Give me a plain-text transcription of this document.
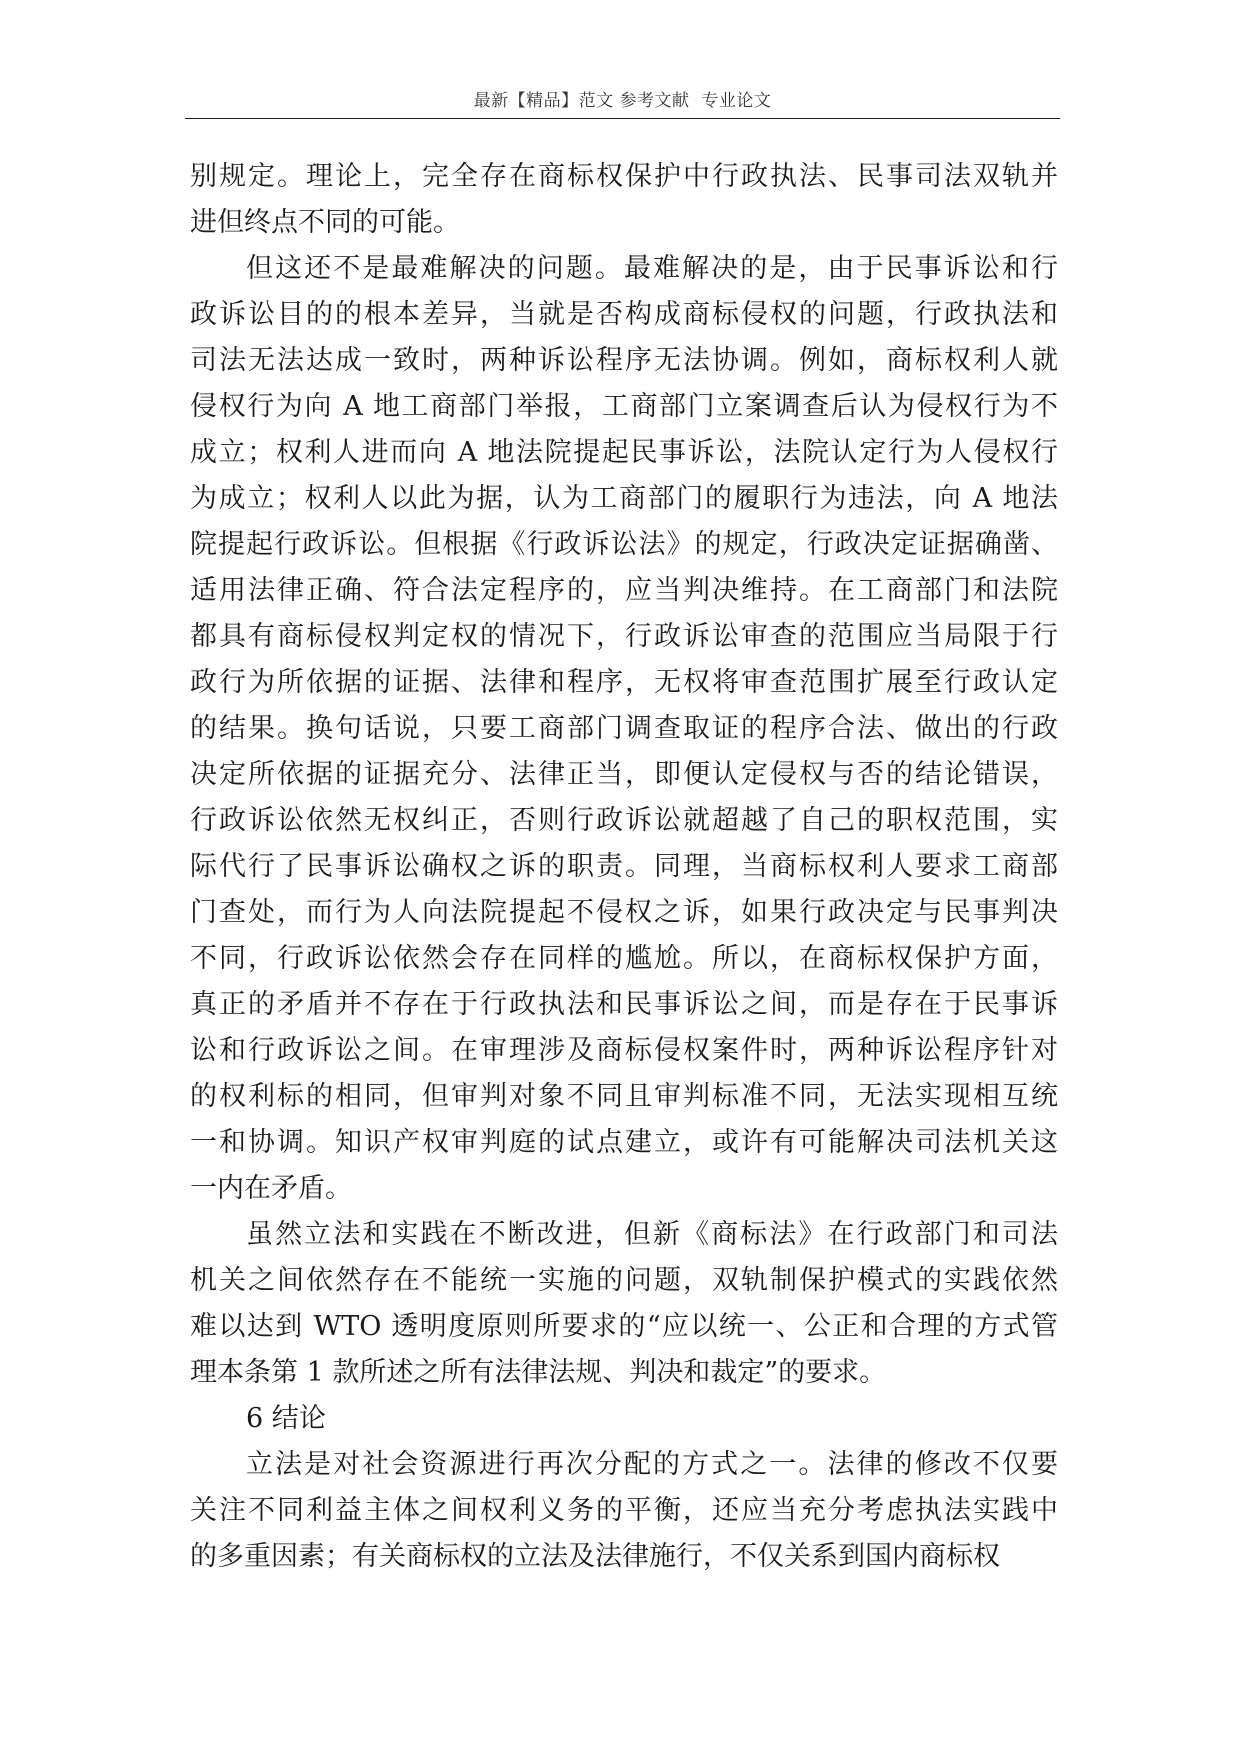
最新【精品】范文 参考文献  专业论文
别规定。理论上，完全存在商标权保护中行政执法、民事司法双轨并
进但终点不同的可能。
但这还不是最难解决的问题。最难解决的是，由于民事诉讼和行
政诉讼目的的根本差异，当就是否构成商标侵权的问题，行政执法和
司法无法达成一致时，两种诉讼程序无法协调。例如，商标权利人就
侵权行为向 A 地工商部门举报，工商部门立案调查后认为侵权行为不
成立；权利人进而向 A 地法院提起民事诉讼，法院认定行为人侵权行
为成立；权利人以此为据，认为工商部门的履职行为违法，向 A 地法
院提起行政诉讼。但根据《行政诉讼法》的规定，行政决定证据确凿、
适用法律正确、符合法定程序的，应当判决维持。在工商部门和法院
都具有商标侵权判定权的情况下，行政诉讼审查的范围应当局限于行
政行为所依据的证据、法律和程序，无权将审查范围扩展至行政认定
的结果。换句话说，只要工商部门调查取证的程序合法、做出的行政
决定所依据的证据充分、法律正当，即便认定侵权与否的结论错误，
行政诉讼依然无权纠正，否则行政诉讼就超越了自己的职权范围，实
际代行了民事诉讼确权之诉的职责。同理，当商标权利人要求工商部
门查处，而行为人向法院提起不侵权之诉，如果行政决定与民事判决
不同，行政诉讼依然会存在同样的尴尬。所以，在商标权保护方面，
真正的矛盾并不存在于行政执法和民事诉讼之间，而是存在于民事诉
讼和行政诉讼之间。在审理涉及商标侵权案件时，两种诉讼程序针对
的权利标的相同，但审判对象不同且审判标准不同，无法实现相互统
一和协调。知识产权审判庭的试点建立，或许有可能解决司法机关这
一内在矛盾。
虽然立法和实践在不断改进，但新《商标法》在行政部门和司法
机关之间依然存在不能统一实施的问题，双轨制保护模式的实践依然
难以达到 WTO 透明度原则所要求的“应以统一、公正和合理的方式管
理本条第 1 款所述之所有法律法规、判决和裁定”的要求。
6 结论
立法是对社会资源进行再次分配的方式之一。法律的修改不仅要
关注不同利益主体之间权利义务的平衡，还应当充分考虑执法实践中
的多重因素；有关商标权的立法及法律施行，不仅关系到国内商标权
